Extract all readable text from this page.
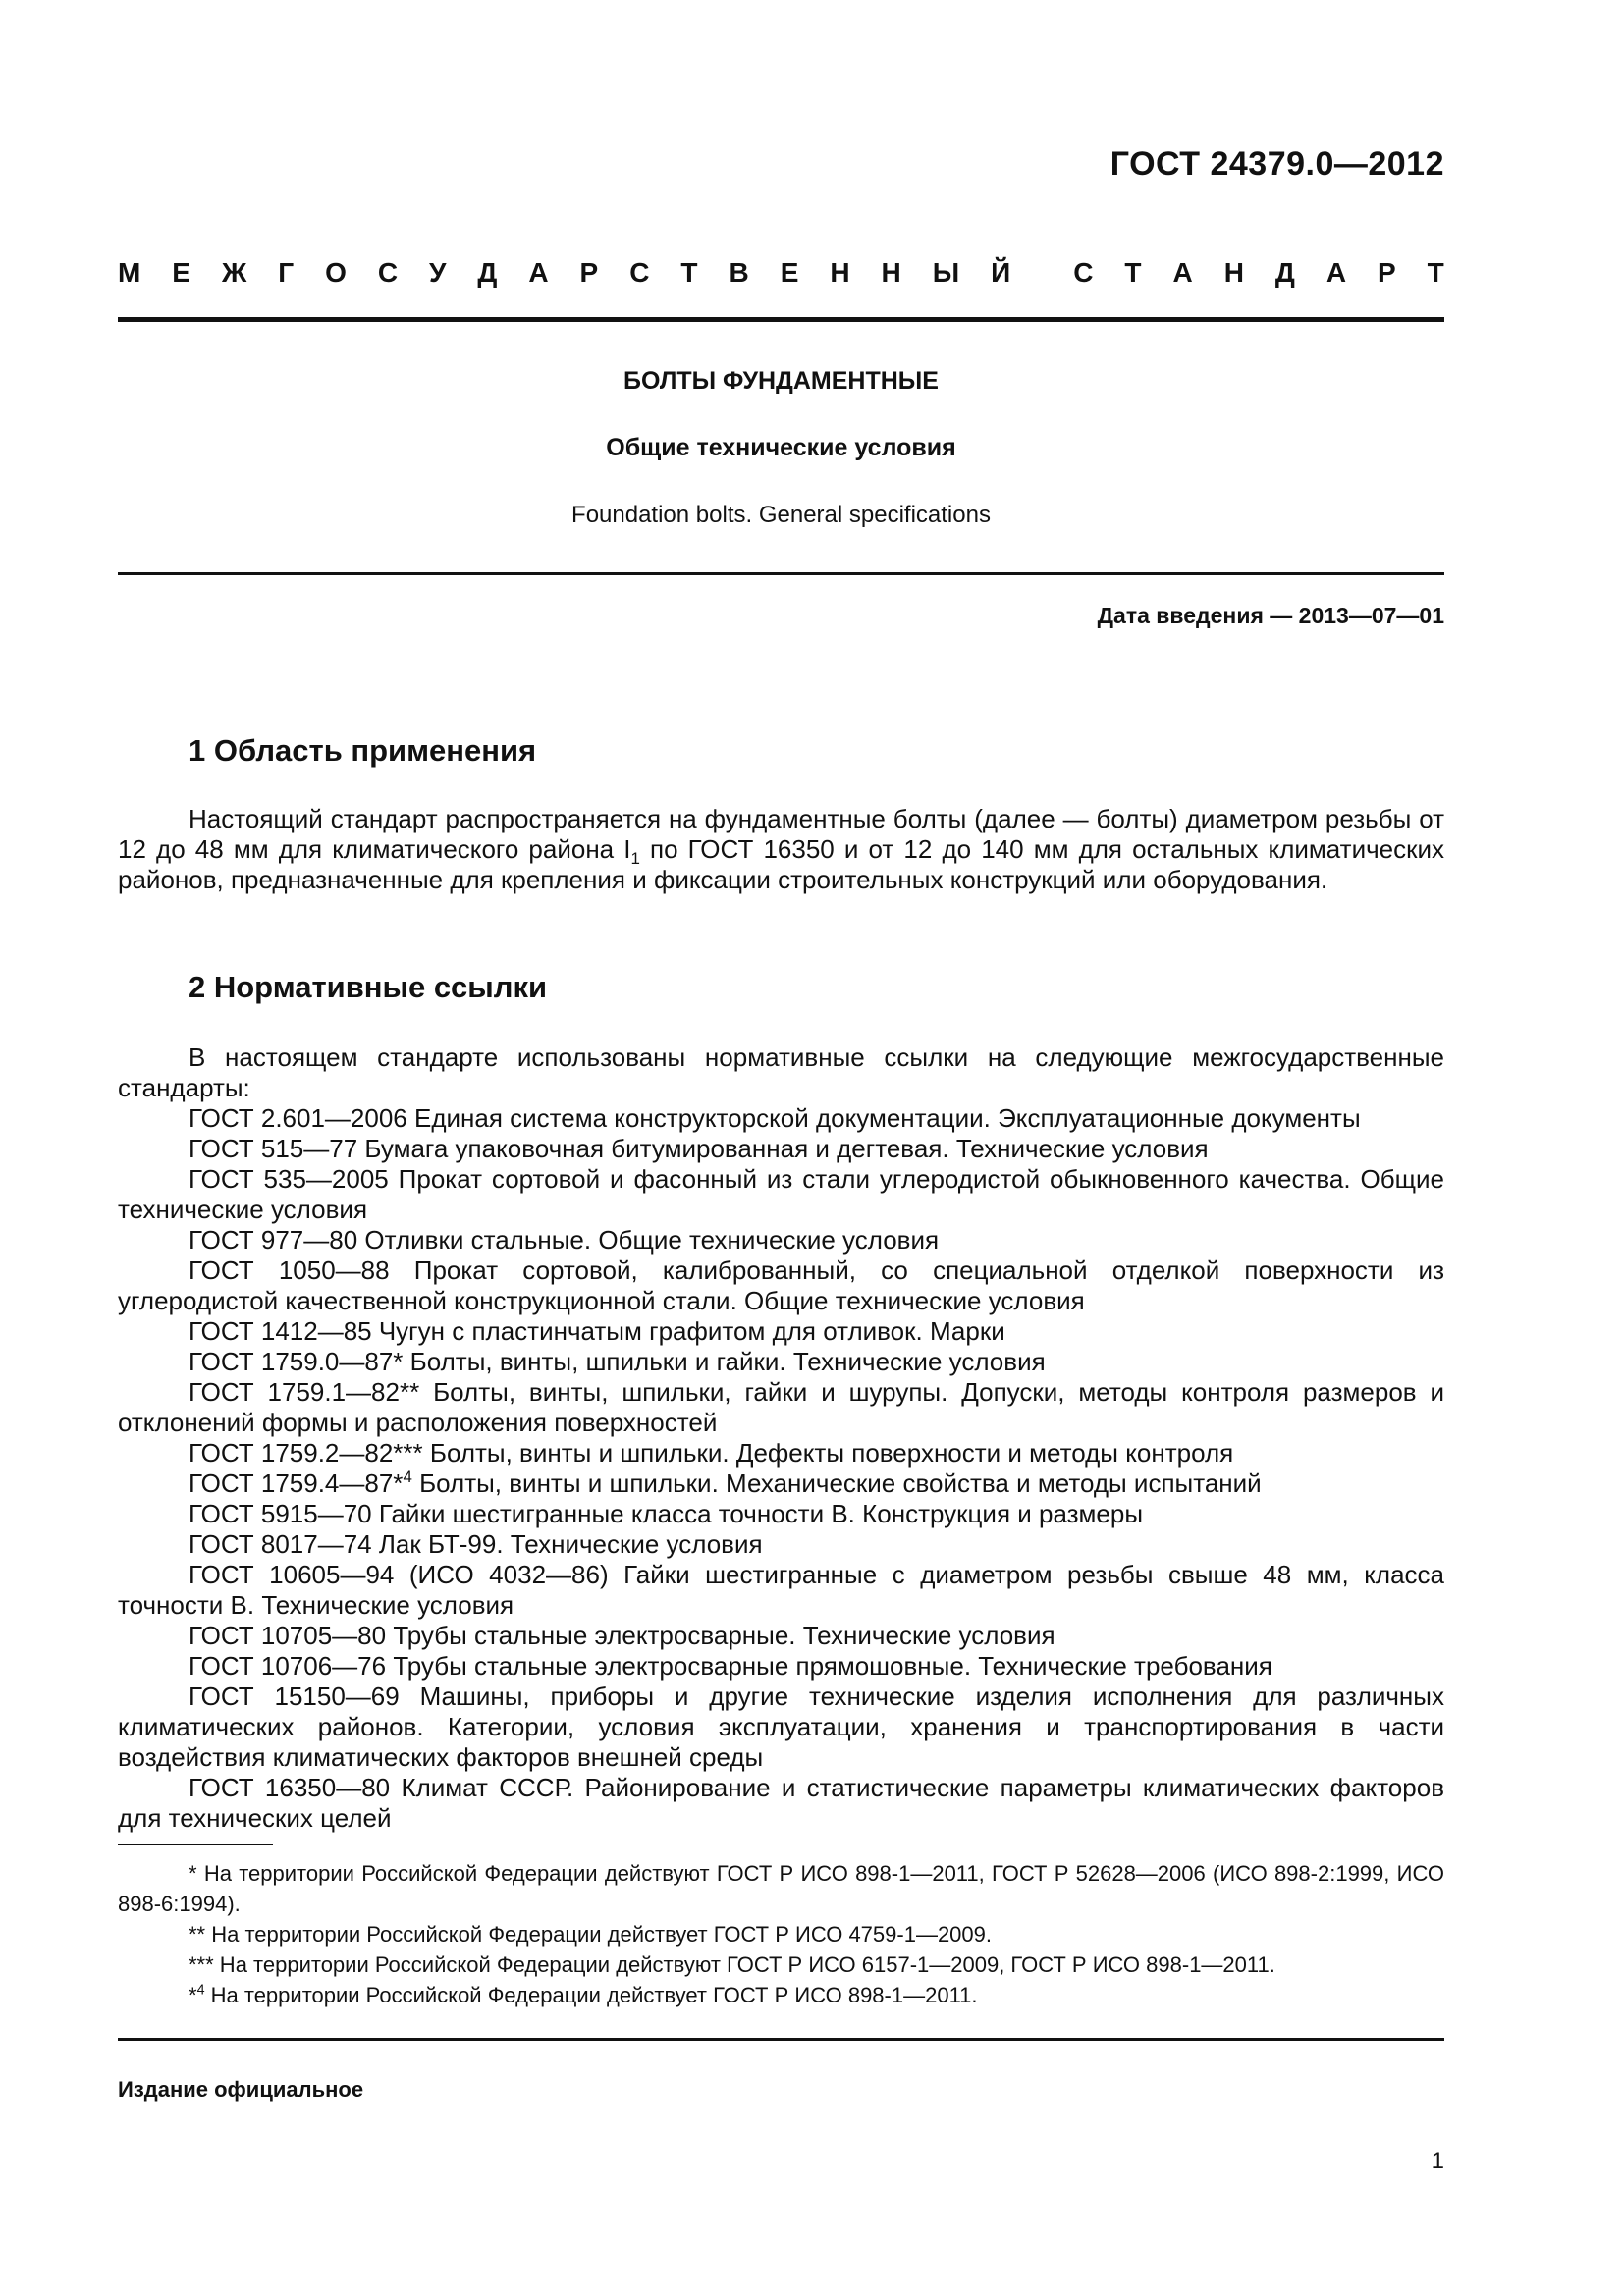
ГОСТ 24379.0—2012
М Е Ж Г О С У Д А Р С Т В Е Н Н Ы Й С Т А Н Д А Р Т
БОЛТЫ ФУНДАМЕНТНЫЕ
Общие технические условия
Foundation bolts. General specifications
Дата введения — 2013—07—01
1 Область применения
Настоящий стандарт распространяется на фундаментные болты (далее — болты) диаметром резьбы от 12 до 48 мм для климатического района $I_1$ по ГОСТ 16350 и от 12 до 140 мм для остальных климатических районов, предназначенные для крепления и фиксации строительных конструкций или оборудования.
2 Нормативные ссылки
В настоящем стандарте использованы нормативные ссылки на следующие межгосударственные стандарты:
ГОСТ 2.601—2006 Единая система конструкторской документации. Эксплуатационные документы
ГОСТ 515—77 Бумага упаковочная битумированная и дегтевая. Технические условия
ГОСТ 535—2005 Прокат сортовой и фасонный из стали углеродистой обыкновенного качества. Общие технические условия
ГОСТ 977—80 Отливки стальные. Общие технические условия
ГОСТ 1050—88 Прокат сортовой, калиброванный, со специальной отделкой поверхности из углеродистой качественной конструкционной стали. Общие технические условия
ГОСТ 1412—85 Чугун с пластинчатым графитом для отливок. Марки
ГОСТ 1759.0—87* Болты, винты, шпильки и гайки. Технические условия
ГОСТ 1759.1—82** Болты, винты, шпильки, гайки и шурупы. Допуски, методы контроля размеров и отклонений формы и расположения поверхностей
ГОСТ 1759.2—82*** Болты, винты и шпильки. Дефекты поверхности и методы контроля
ГОСТ 1759.4—87*$^4$ Болты, винты и шпильки. Механические свойства и методы испытаний
ГОСТ 5915—70 Гайки шестигранные класса точности В. Конструкция и размеры
ГОСТ 8017—74 Лак БТ-99. Технические условия
ГОСТ 10605—94 (ИСО 4032—86) Гайки шестигранные с диаметром резьбы свыше 48 мм, класса точности В. Технические условия
ГОСТ 10705—80 Трубы стальные электросварные. Технические условия
ГОСТ 10706—76 Трубы стальные электросварные прямошовные. Технические требования
ГОСТ 15150—69 Машины, приборы и другие технические изделия исполнения для различных климатических районов. Категории, условия эксплуатации, хранения и транспортирования в части воздействия климатических факторов внешней среды
ГОСТ 16350—80 Климат СССР. Районирование и статистические параметры климатических факторов для технических целей
* На территории Российской Федерации действуют ГОСТ Р ИСО 898-1—2011, ГОСТ Р 52628—2006 (ИСО 898-2:1999, ИСО 898-6:1994).
** На территории Российской Федерации действует ГОСТ Р ИСО 4759-1—2009.
*** На территории Российской Федерации действуют ГОСТ Р ИСО 6157-1—2009, ГОСТ Р ИСО 898-1—2011.
*$^4$ На территории Российской Федерации действует ГОСТ Р ИСО 898-1—2011.
Издание официальное
1
